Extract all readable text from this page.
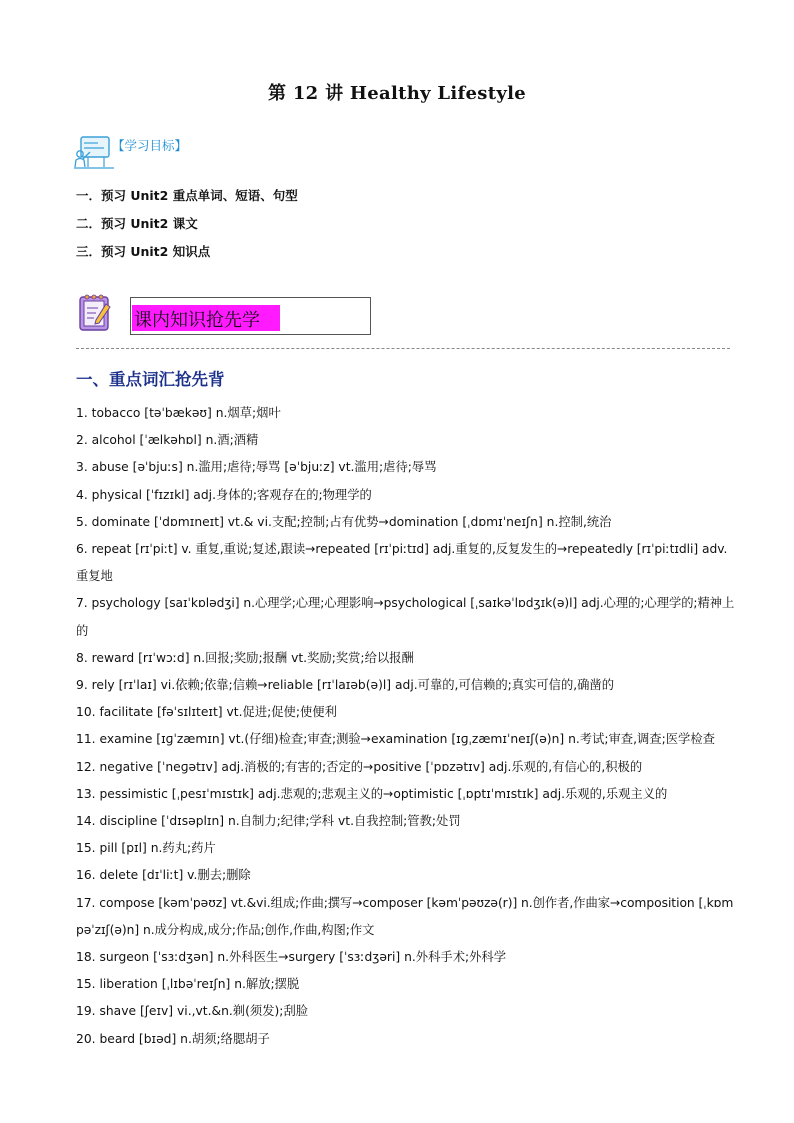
第 12 讲 Healthy Lifestyle
【学习目标】
一．预习 Unit2 重点单词、短语、句型
二．预习 Unit2 课文
三．预习 Unit2 知识点
课内知识抢先学
一、重点词汇抢先背
1. tobacco [təˈbækəʊ] n.烟草;烟叶
2. alcohol [ˈælkəhɒl] n.酒;酒精
3. abuse [əˈbjuːs] n.滥用;虐待;辱骂 [əˈbjuːz] vt.滥用;虐待;辱骂
4. physical [ˈfɪzɪkl] adj.身体的;客观存在的;物理学的
5. dominate [ˈdɒmɪneɪt] vt.& vi.支配;控制;占有优势→domination [ˌdɒmɪˈneɪʃn] n.控制,统治
6. repeat [rɪˈpiːt] v. 重复,重说;复述,跟读→repeated [rɪˈpiːtɪd] adj.重复的,反复发生的→repeatedly [rɪˈpiːtɪdli] adv.重复地
7. psychology [saɪˈkɒlədʒi] n.心理学;心理;心理影响→psychological [ˌsaɪkəˈlɒdʒɪk(ə)l] adj.心理的;心理学的;精神上的
8. reward [rɪˈwɔːd] n.回报;奖励;报酬 vt.奖励;奖赏;给以报酬
9. rely [rɪˈlaɪ] vi.依赖;依靠;信赖→reliable [rɪˈlaɪəb(ə)l] adj.可靠的,可信赖的;真实可信的,确凿的
10. facilitate [fəˈsɪlɪteɪt] vt.促进;促使;使便利
11. examine [ɪɡˈzæmɪn] vt.(仔细)检查;审查;测验→examination [ɪɡˌzæmɪˈneɪʃ(ə)n] n.考试;审查,调查;医学检查
12. negative [ˈneɡətɪv] adj.消极的;有害的;否定的→positive [ˈpɒzətɪv] adj.乐观的,有信心的,积极的
13. pessimistic [ˌpesɪˈmɪstɪk] adj.悲观的;悲观主义的→optimistic [ˌɒptɪˈmɪstɪk] adj.乐观的,乐观主义的
14. discipline [ˈdɪsəplɪn] n.自制力;纪律;学科 vt.自我控制;管教;处罚
15. pill [pɪl] n.药丸;药片
16. delete [dɪˈliːt] v.删去;删除
17. compose [kəmˈpəʊz] vt.&vi.组成;作曲;撰写→composer [kəmˈpəʊzə(r)] n.创作者,作曲家→composition [ˌkɒmpəˈzɪʃ(ə)n] n.成分构成,成分;作品;创作,作曲,构图;作文
18. surgeon [ˈsɜːdʒən] n.外科医生→surgery [ˈsɜːdʒəri] n.外科手术;外科学
15. liberation [ˌlɪbəˈreɪʃn] n.解放;摆脱
19. shave [ʃeɪv] vi.,vt.&n.剃(须发);刮脸
20. beard [bɪəd] n.胡须;络腮胡子
